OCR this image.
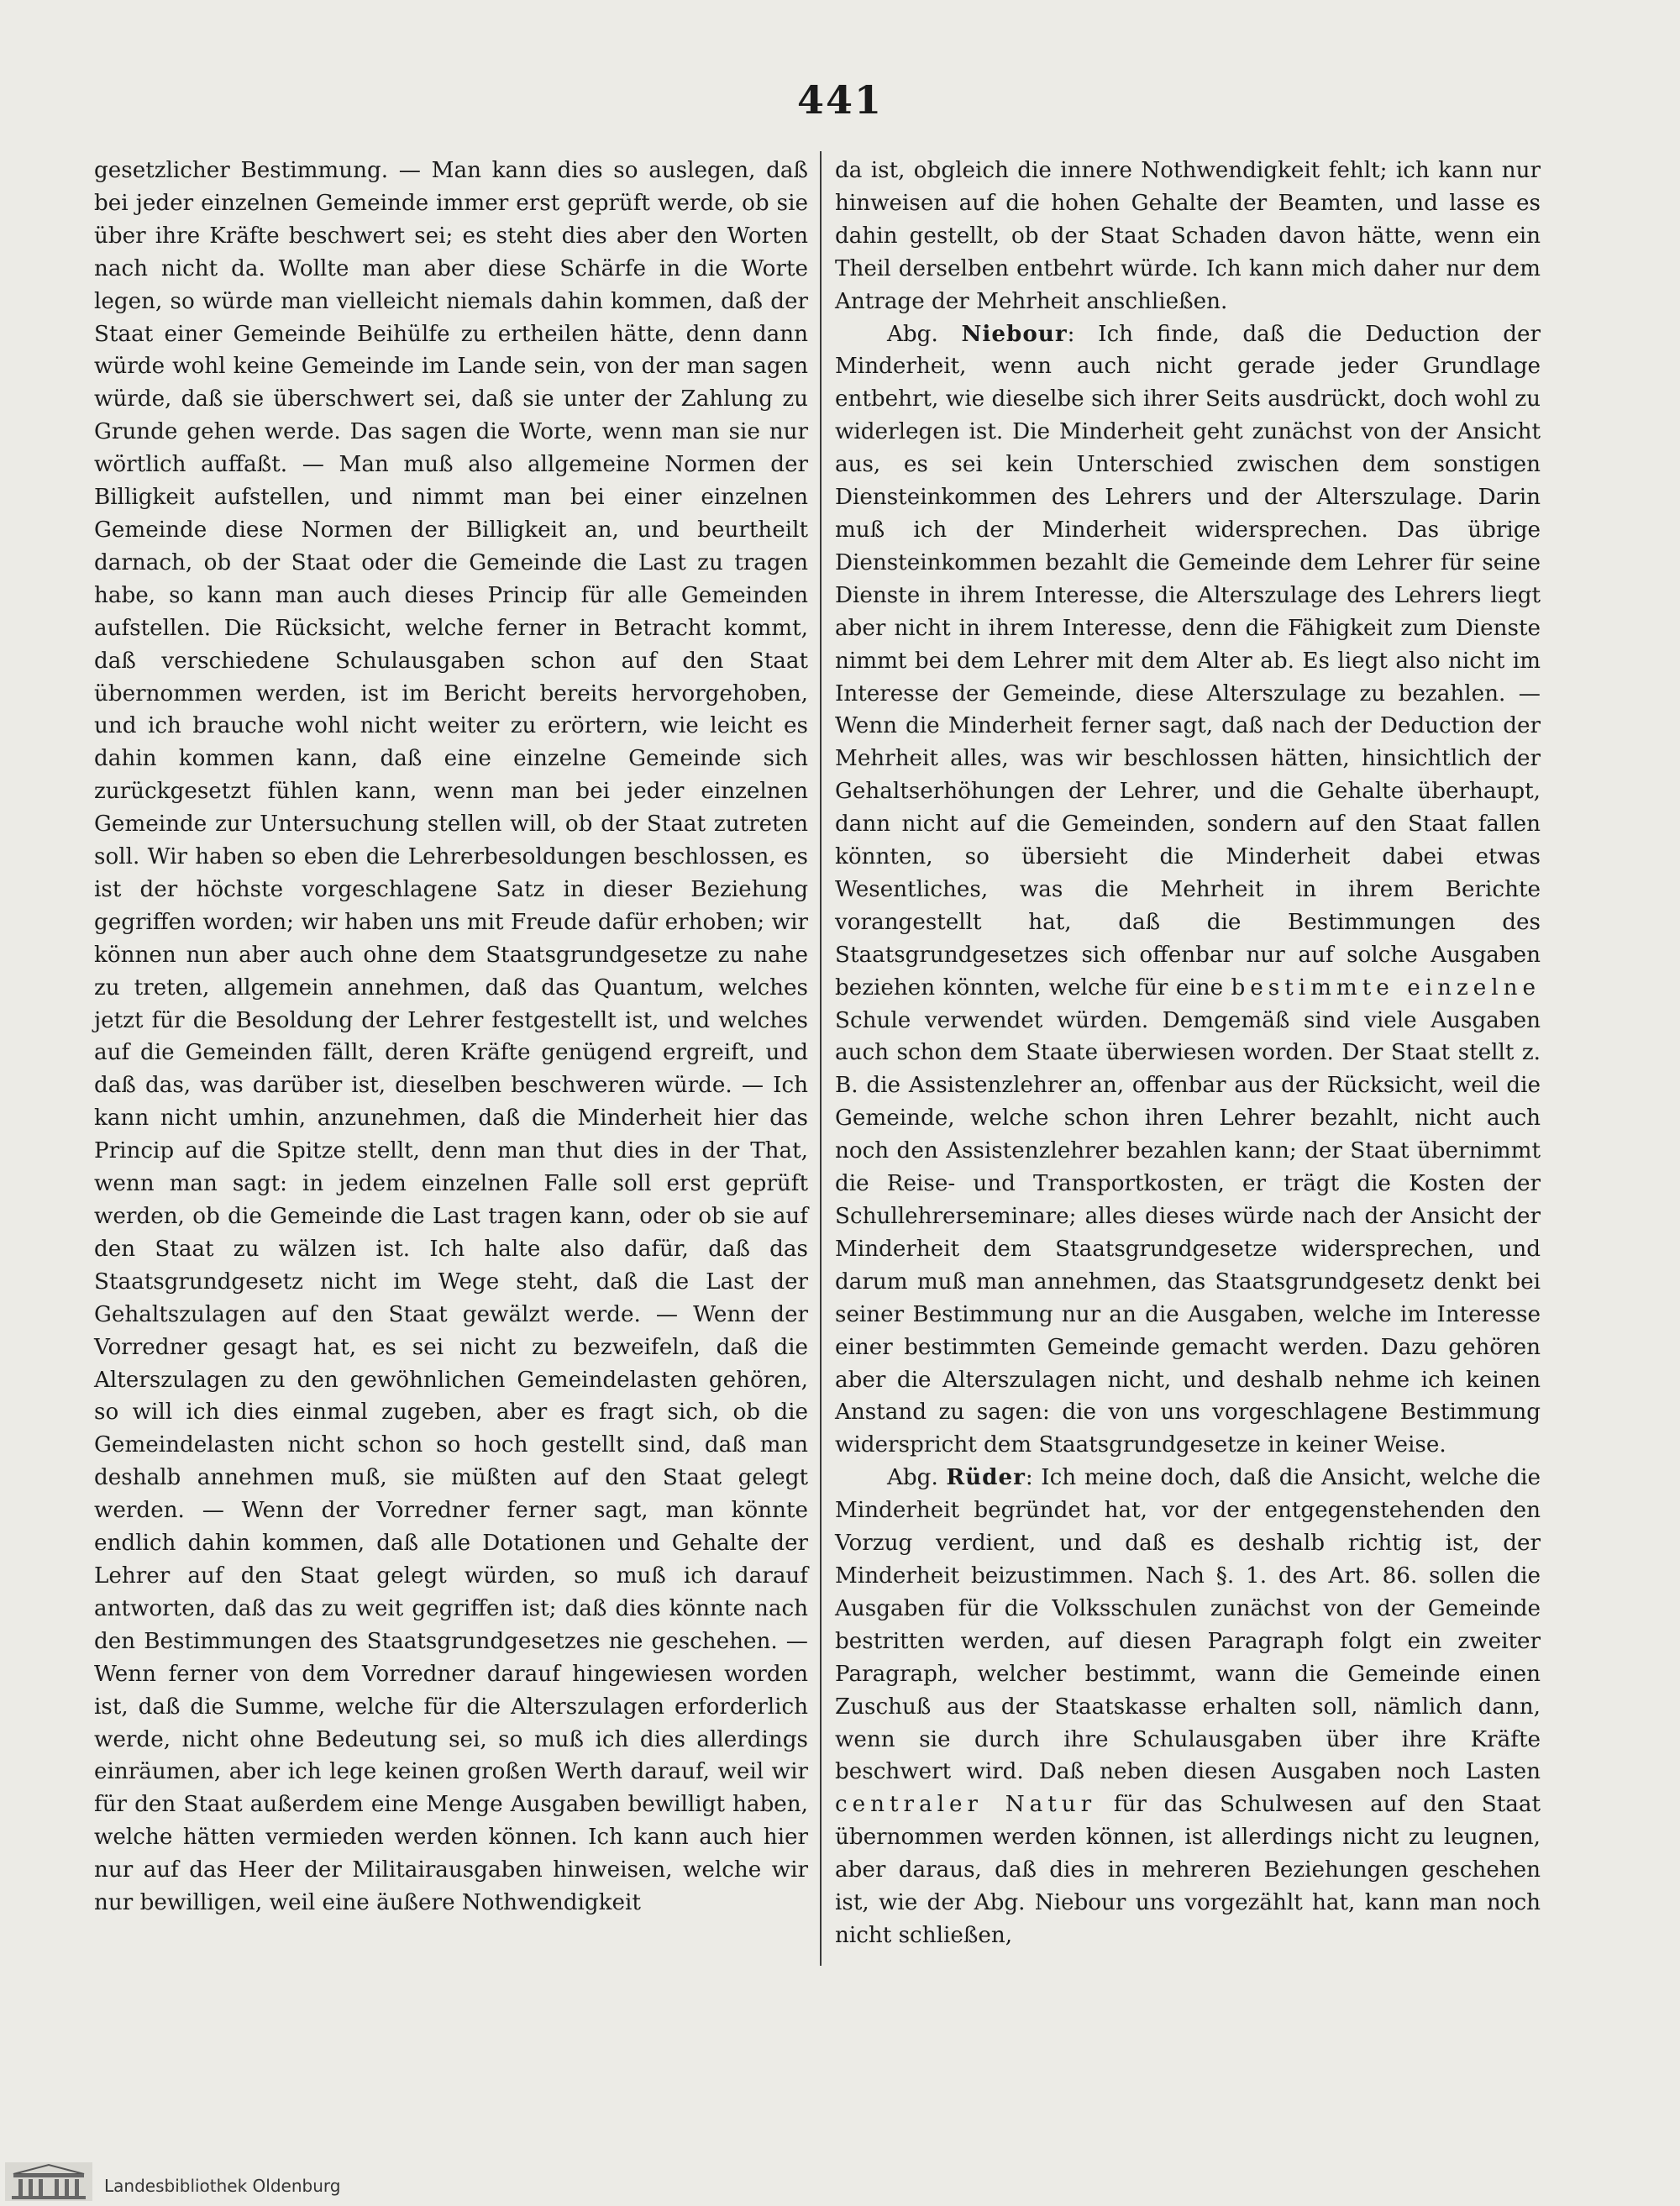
441

gesetzlicher Bestimmung. — Man kann dies so auslegen, daß bei jeder einzelnen Gemeinde immer erst geprüft werde, ob sie über ihre Kräfte beschwert sei; es steht dies aber den Worten nach nicht da. Wollte man aber diese Schärfe in die Worte legen, so würde man vielleicht niemals dahin kommen, daß der Staat einer Gemeinde Beihülfe zu ertheilen hätte, denn dann würde wohl keine Gemeinde im Lande sein, von der man sagen würde, daß sie überschwert sei, daß sie unter der Zahlung zu Grunde gehen werde. Das sagen die Worte, wenn man sie nur wörtlich auffaßt. — Man muß also allgemeine Normen der Billigkeit aufstellen, und nimmt man bei einer einzelnen Gemeinde diese Normen der Billigkeit an, und beurtheilt darnach, ob der Staat oder die Gemeinde die Last zu tragen habe, so kann man auch dieses Princip für alle Gemeinden aufstellen. Die Rücksicht, welche ferner in Betracht kommt, daß verschiedene Schulausgaben schon auf den Staat übernommen werden, ist im Bericht bereits hervorgehoben, und ich brauche wohl nicht weiter zu erörtern, wie leicht es dahin kommen kann, daß eine einzelne Gemeinde sich zurückgesetzt fühlen kann, wenn man bei jeder einzelnen Gemeinde zur Untersuchung stellen will, ob der Staat zutreten soll. Wir haben so eben die Lehrerbesoldungen beschlossen, es ist der höchste vorgeschlagene Satz in dieser Beziehung gegriffen worden; wir haben uns mit Freude dafür erhoben; wir können nun aber auch ohne dem Staatsgrundgesetze zu nahe zu treten, allgemein annehmen, daß das Quantum, welches jetzt für die Besoldung der Lehrer festgestellt ist, und welches auf die Gemeinden fällt, deren Kräfte genügend ergreift, und daß das, was darüber ist, dieselben beschweren würde. — Ich kann nicht umhin, anzunehmen, daß die Minderheit hier das Princip auf die Spitze stellt, denn man thut dies in der That, wenn man sagt: in jedem einzelnen Falle soll erst geprüft werden, ob die Gemeinde die Last tragen kann, oder ob sie auf den Staat zu wälzen ist. Ich halte also dafür, daß das Staatsgrundgesetz nicht im Wege steht, daß die Last der Gehaltszulagen auf den Staat gewälzt werde. — Wenn der Vorredner gesagt hat, es sei nicht zu bezweifeln, daß die Alterszulagen zu den gewöhnlichen Gemeindelasten gehören, so will ich dies einmal zugeben, aber es fragt sich, ob die Gemeindelasten nicht schon so hoch gestellt sind, daß man deshalb annehmen muß, sie müßten auf den Staat gelegt werden. — Wenn der Vorredner ferner sagt, man könnte endlich dahin kommen, daß alle Dotationen und Gehalte der Lehrer auf den Staat gelegt würden, so muß ich darauf antworten, daß das zu weit gegriffen ist; daß dies könnte nach den Bestimmungen des Staatsgrundgesetzes nie geschehen. — Wenn ferner von dem Vorredner darauf hingewiesen worden ist, daß die Summe, welche für die Alterszulagen erforderlich werde, nicht ohne Bedeutung sei, so muß ich dies allerdings einräumen, aber ich lege keinen großen Werth darauf, weil wir für den Staat außerdem eine Menge Ausgaben bewilligt haben, welche hätten vermieden werden können. Ich kann auch hier nur auf das Heer der Militairausgaben hinweisen, welche wir nur bewilligen, weil eine äußere Nothwendigkeit

da ist, obgleich die innere Nothwendigkeit fehlt; ich kann nur hinweisen auf die hohen Gehalte der Beamten, und lasse es dahin gestellt, ob der Staat Schaden davon hätte, wenn ein Theil derselben entbehrt würde. Ich kann mich daher nur dem Antrage der Mehrheit anschließen.

Abg. Niebour: Ich finde, daß die Deduction der Minderheit, wenn auch nicht gerade jeder Grundlage entbehrt, wie dieselbe sich ihrer Seits ausdrückt, doch wohl zu widerlegen ist. Die Minderheit geht zunächst von der Ansicht aus, es sei kein Unterschied zwischen dem sonstigen Diensteinkommen des Lehrers und der Alterszulage. Darin muß ich der Minderheit widersprechen. Das übrige Diensteinkommen bezahlt die Gemeinde dem Lehrer für seine Dienste in ihrem Interesse, die Alterszulage des Lehrers liegt aber nicht in ihrem Interesse, denn die Fähigkeit zum Dienste nimmt bei dem Lehrer mit dem Alter ab. Es liegt also nicht im Interesse der Gemeinde, diese Alterszulage zu bezahlen. — Wenn die Minderheit ferner sagt, daß nach der Deduction der Mehrheit alles, was wir beschlossen hätten, hinsichtlich der Gehaltserhöhungen der Lehrer, und die Gehalte überhaupt, dann nicht auf die Gemeinden, sondern auf den Staat fallen könnten, so übersieht die Minderheit dabei etwas Wesentliches, was die Mehrheit in ihrem Berichte vorangestellt hat, daß die Bestimmungen des Staatsgrundgesetzes sich offenbar nur auf solche Ausgaben beziehen könnten, welche für eine bestimmte einzelne Schule verwendet würden. Demgemäß sind viele Ausgaben auch schon dem Staate überwiesen worden. Der Staat stellt z. B. die Assistenzlehrer an, offenbar aus der Rücksicht, weil die Gemeinde, welche schon ihren Lehrer bezahlt, nicht auch noch den Assistenzlehrer bezahlen kann; der Staat übernimmt die Reise- und Transportkosten, er trägt die Kosten der Schullehrerseminare; alles dieses würde nach der Ansicht der Minderheit dem Staatsgrundgesetze widersprechen, und darum muß man annehmen, das Staatsgrundgesetz denkt bei seiner Bestimmung nur an die Ausgaben, welche im Interesse einer bestimmten Gemeinde gemacht werden. Dazu gehören aber die Alterszulagen nicht, und deshalb nehme ich keinen Anstand zu sagen: die von uns vorgeschlagene Bestimmung widerspricht dem Staatsgrundgesetze in keiner Weise.

Abg. Rüder: Ich meine doch, daß die Ansicht, welche die Minderheit begründet hat, vor der entgegenstehenden den Vorzug verdient, und daß es deshalb richtig ist, der Minderheit beizustimmen. Nach §. 1. des Art. 86. sollen die Ausgaben für die Volksschulen zunächst von der Gemeinde bestritten werden, auf diesen Paragraph folgt ein zweiter Paragraph, welcher bestimmt, wann die Gemeinde einen Zuschuß aus der Staatskasse erhalten soll, nämlich dann, wenn sie durch ihre Schulausgaben über ihre Kräfte beschwert wird. Daß neben diesen Ausgaben noch Lasten centraler Natur für das Schulwesen auf den Staat übernommen werden können, ist allerdings nicht zu leugnen, aber daraus, daß dies in mehreren Beziehungen geschehen ist, wie der Abg. Niebour uns vorgezählt hat, kann man noch nicht schließen,

Landesbibliothek Oldenburg
